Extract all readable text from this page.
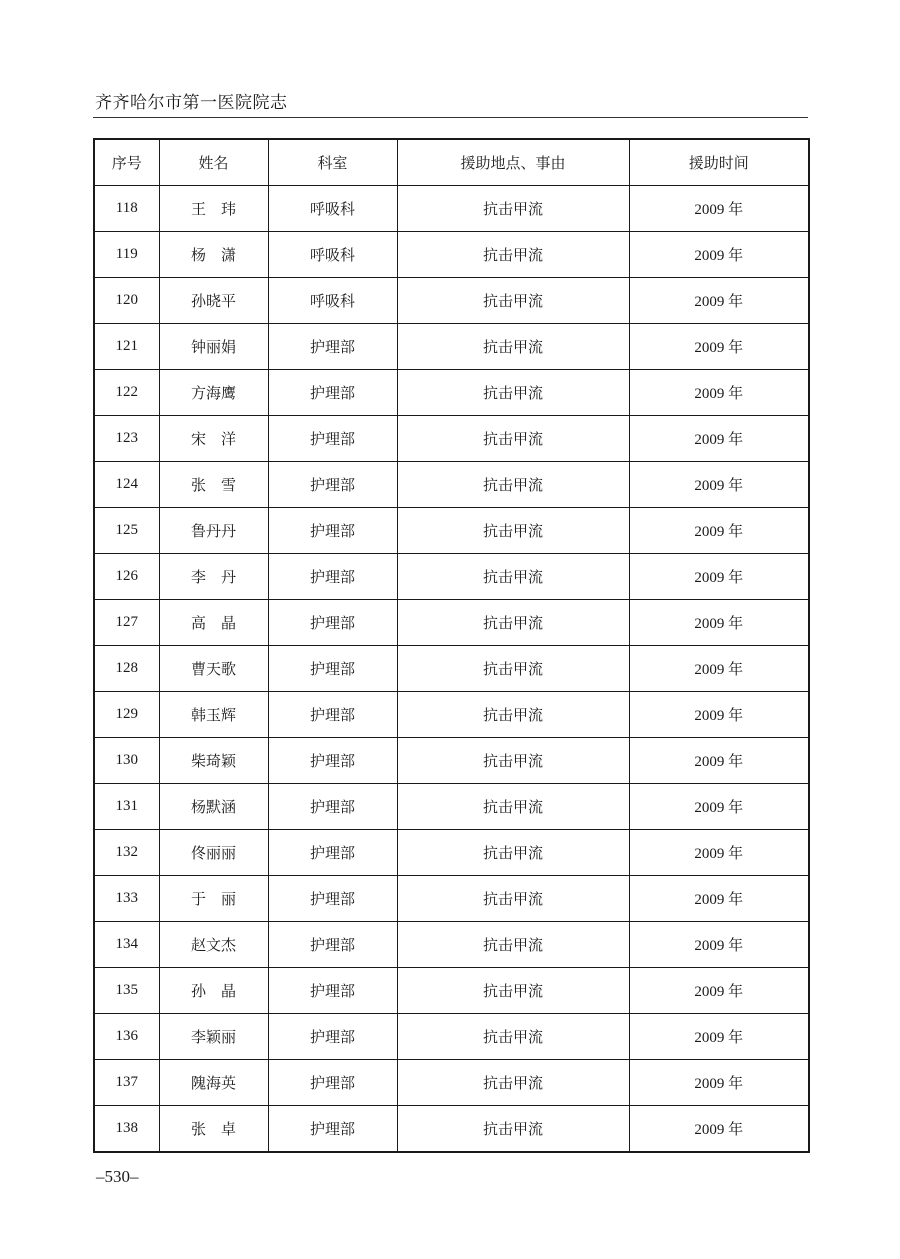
齐齐哈尔市第一医院院志
序号	姓名	科室	援助地点、事由	援助时间
118	王　玮	呼吸科	抗击甲流	2009 年
119	杨　潇	呼吸科	抗击甲流	2009 年
120	孙晓平	呼吸科	抗击甲流	2009 年
121	钟丽娟	护理部	抗击甲流	2009 年
122	方海鹰	护理部	抗击甲流	2009 年
123	宋　洋	护理部	抗击甲流	2009 年
124	张　雪	护理部	抗击甲流	2009 年
125	鲁丹丹	护理部	抗击甲流	2009 年
126	李　丹	护理部	抗击甲流	2009 年
127	高　晶	护理部	抗击甲流	2009 年
128	曹天歌	护理部	抗击甲流	2009 年
129	韩玉辉	护理部	抗击甲流	2009 年
130	柴琦颖	护理部	抗击甲流	2009 年
131	杨默涵	护理部	抗击甲流	2009 年
132	佟丽丽	护理部	抗击甲流	2009 年
133	于　丽	护理部	抗击甲流	2009 年
134	赵文杰	护理部	抗击甲流	2009 年
135	孙　晶	护理部	抗击甲流	2009 年
136	李颖丽	护理部	抗击甲流	2009 年
137	隗海英	护理部	抗击甲流	2009 年
138	张　卓	护理部	抗击甲流	2009 年
–530–
